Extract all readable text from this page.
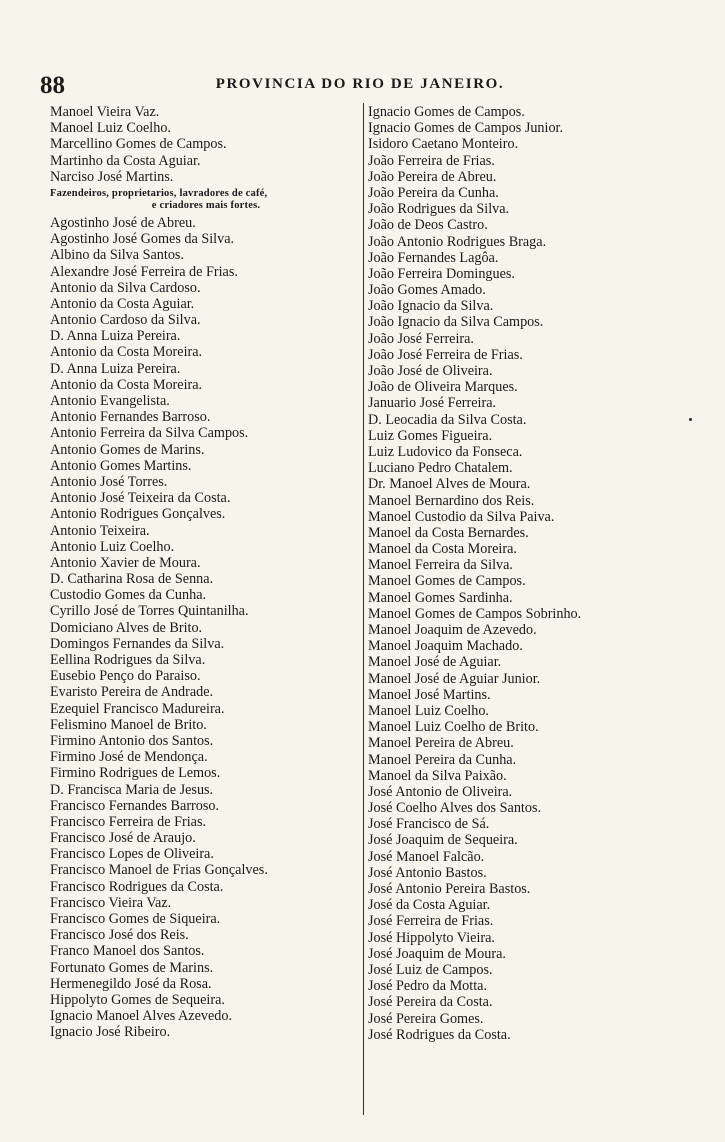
88	PROVINCIA DO RIO DE JANEIRO.
Manoel Vieira Vaz.
Manoel Luiz Coelho.
Marcellino Gomes de Campos.
Martinho da Costa Aguiar.
Narciso José Martins.
Fazendeiros, proprietarios, lavradores de café,
e criadores mais fortes.
Agostinho José de Abreu.
Agostinho José Gomes da Silva.
Albino da Silva Santos.
Alexandre José Ferreira de Frias.
Antonio da Silva Cardoso.
Antonio da Costa Aguiar.
Antonio Cardoso da Silva.
D. Anna Luiza Pereira.
Antonio da Costa Moreira.
D. Anna Luiza Pereira.
Antonio da Costa Moreira.
Antonio Evangelista.
Antonio Fernandes Barroso.
Antonio Ferreira da Silva Campos.
Antonio Gomes de Marins.
Antonio Gomes Martins.
Antonio José Torres.
Antonio José Teixeira da Costa.
Antonio Rodrigues Gonçalves.
Antonio Teixeira.
Antonio Luiz Coelho.
Antonio Xavier de Moura.
D. Catharina Rosa de Senna.
Custodio Gomes da Cunha.
Cyrillo José de Torres Quintanilha.
Domiciano Alves de Brito.
Domingos Fernandes da Silva.
Eellina Rodrigues da Silva.
Eusebio Penço do Paraiso.
Evaristo Pereira de Andrade.
Ezequiel Francisco Madureira.
Felismino Manoel de Brito.
Firmino Antonio dos Santos.
Firmino José de Mendonça.
Firmino Rodrigues de Lemos.
D. Francisca Maria de Jesus.
Francisco Fernandes Barroso.
Francisco Ferreira de Frias.
Francisco José de Araujo.
Francisco Lopes de Oliveira.
Francisco Manoel de Frias Gonçalves.
Francisco Rodrigues da Costa.
Francisco Vieira Vaz.
Francisco Gomes de Siqueira.
Francisco José dos Reis.
Franco Manoel dos Santos.
Fortunato Gomes de Marins.
Hermenegildo José da Rosa.
Hippolyto Gomes de Sequeira.
Ignacio Manoel Alves Azevedo.
Ignacio José Ribeiro.
Ignacio Gomes de Campos.
Ignacio Gomes de Campos Junior.
Isidoro Caetano Monteiro.
João Ferreira de Frias.
João Pereira de Abreu.
João Pereira da Cunha.
João Rodrigues da Silva.
João de Deos Castro.
João Antonio Rodrigues Braga.
João Fernandes Lagôa.
João Ferreira Domingues.
João Gomes Amado.
João Ignacio da Silva.
João Ignacio da Silva Campos.
João José Ferreira.
João José Ferreira de Frias.
João José de Oliveira.
João de Oliveira Marques.
Januario José Ferreira.
D. Leocadia da Silva Costa.
Luiz Gomes Figueira.
Luiz Ludovico da Fonseca.
Luciano Pedro Chatalem.
Dr. Manoel Alves de Moura.
Manoel Bernardino dos Reis.
Manoel Custodio da Silva Paiva.
Manoel da Costa Bernardes.
Manoel da Costa Moreira.
Manoel Ferreira da Silva.
Manoel Gomes de Campos.
Manoel Gomes Sardinha.
Manoel Gomes de Campos Sobrinho.
Manoel Joaquim de Azevedo.
Manoel Joaquim Machado.
Manoel José de Aguiar.
Manoel José de Aguiar Junior.
Manoel José Martins.
Manoel Luiz Coelho.
Manoel Luiz Coelho de Brito.
Manoel Pereira de Abreu.
Manoel Pereira da Cunha.
Manoel da Silva Paixão.
José Antonio de Oliveira.
José Coelho Alves dos Santos.
José Francisco de Sá.
José Joaquim de Sequeira.
José Manoel Falcão.
José Antonio Bastos.
José Antonio Pereira Bastos.
José da Costa Aguiar.
José Ferreira de Frias.
José Hippolyto Vieira.
José Joaquim de Moura.
José Luiz de Campos.
José Pedro da Motta.
José Pereira da Costa.
José Pereira Gomes.
José Rodrigues da Costa.
